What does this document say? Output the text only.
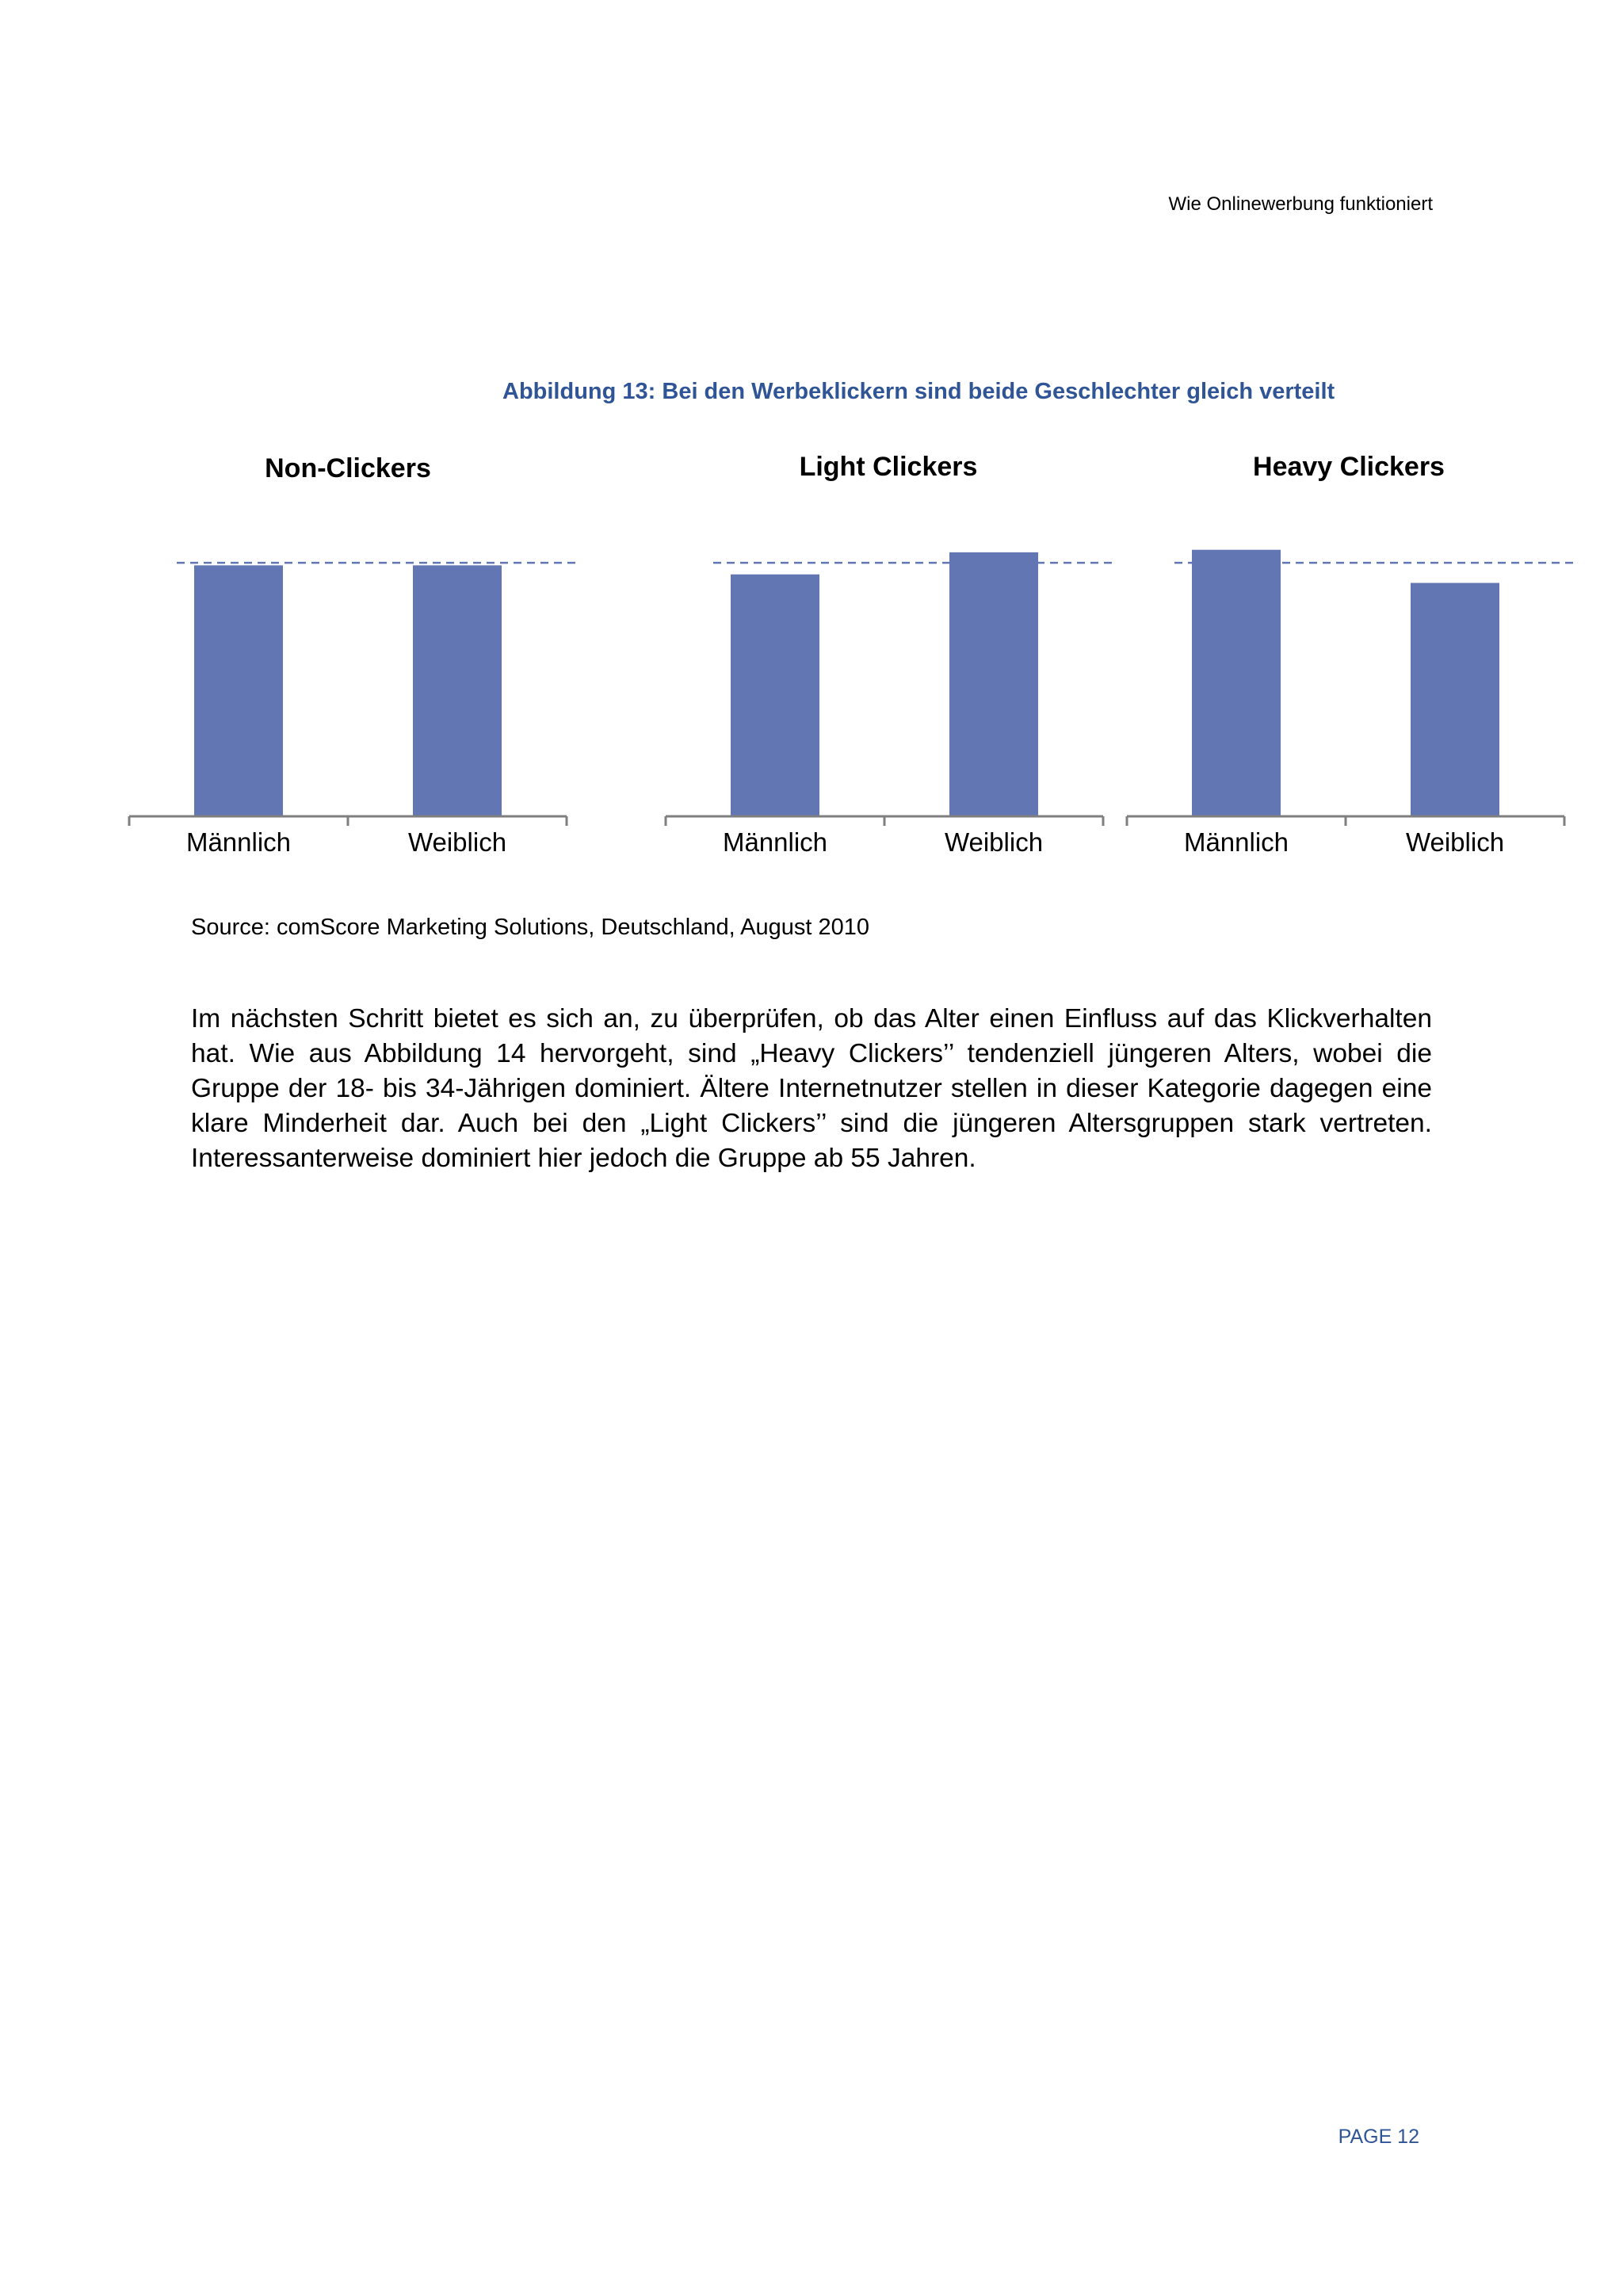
Wie Onlinewerbung funktioniert
Abbildung 13: Bei den Werbeklickern sind beide Geschlechter gleich verteilt
Non-Clickers
Männlich	Weiblich
Light Clickers
Männlich	Weiblich
Heavy Clickers
Männlich	Weiblich
Source: comScore Marketing Solutions, Deutschland, August 2010

Im nächsten Schritt bietet es sich an, zu überprüfen, ob das Alter einen Einfluss auf das Klickverhalten hat. Wie aus Abbildung 14 hervorgeht, sind „Heavy Clickers’’ tendenziell jüngeren Alters, wobei die Gruppe der 18- bis 34-Jährigen dominiert. Ältere Internetnutzer stellen in dieser Kategorie dagegen eine klare Minderheit dar. Auch bei den „Light Clickers’’ sind die jüngeren Altersgruppen stark vertreten. Interessanterweise dominiert hier jedoch die Gruppe ab 55 Jahren.

PAGE 12
